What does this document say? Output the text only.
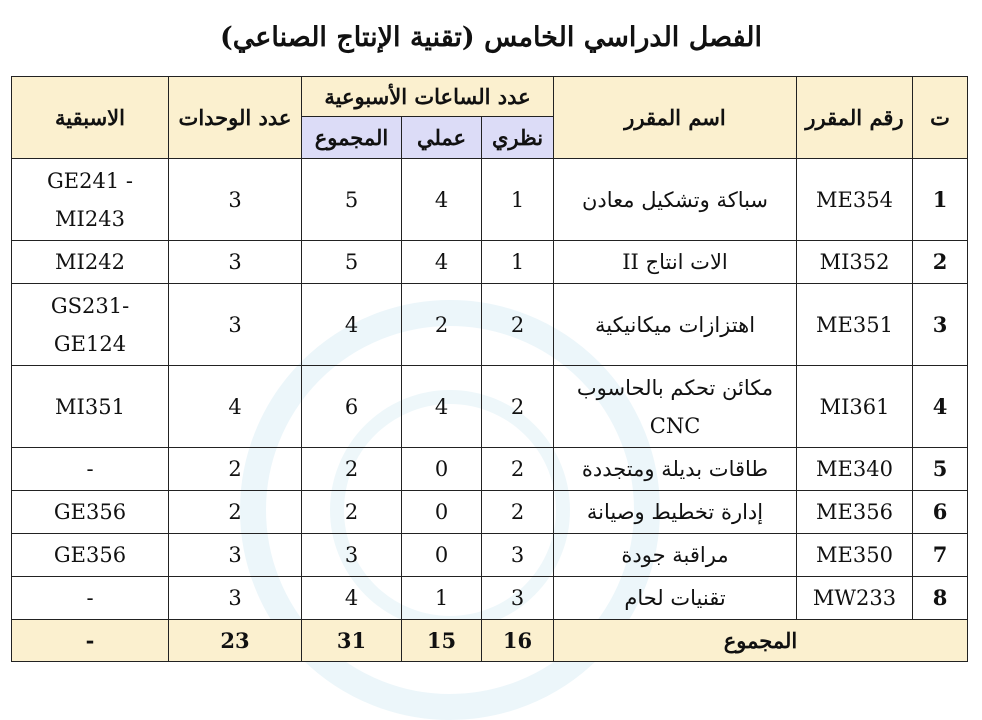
الفصل الدراسي الخامس (تقنية الإنتاج الصناعي)
ت	رقم المقرر	اسم المقرر	عدد الساعات الأسبوعية			عدد الوحدات	الاسبقية
			نظري	عملي	المجموع		
1	ME354	سباكة وتشكيل معادن	1	4	5	3	GE241 - MI243
2	MI352	الات انتاج II	1	4	5	3	MI242
3	ME351	اهتزازات ميكانيكية	2	2	4	3	GS231-GE124
4	MI361	مكائن تحكم بالحاسوب CNC	2	4	6	4	MI351
5	ME340	طاقات بديلة ومتجددة	2	0	2	2	-
6	ME356	إدارة تخطيط وصيانة	2	0	2	2	GE356
7	ME350	مراقبة جودة	3	0	3	3	GE356
8	MW233	تقنيات لحام	3	1	4	3	-
المجموع			16	15	31	23	-
